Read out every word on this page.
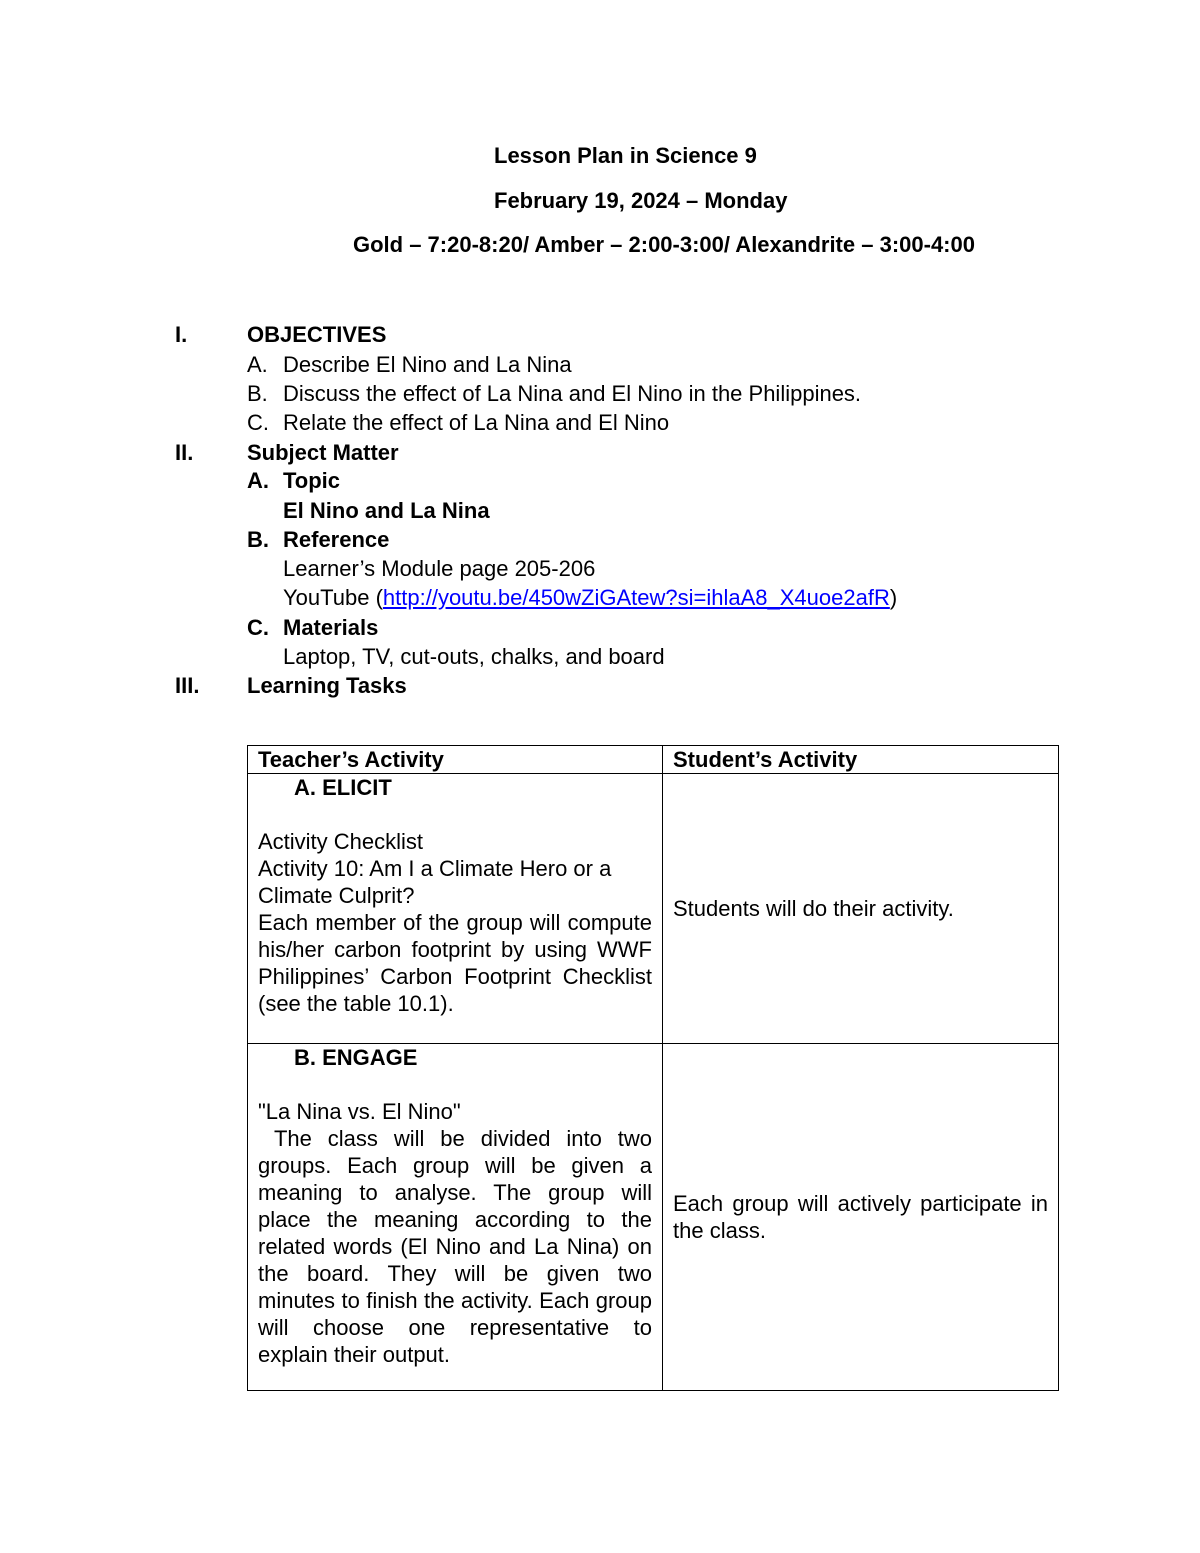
Lesson Plan in Science 9
February 19, 2024 – Monday
Gold – 7:20-8:20/ Amber – 2:00-3:00/ Alexandrite – 3:00-4:00
I.	OBJECTIVES
A. Describe El Nino and La Nina
B. Discuss the effect of La Nina and El Nino in the Philippines.
C. Relate the effect of La Nina and El Nino
II. Subject Matter
A. Topic
El Nino and La Nina
B. Reference
Learner’s Module page 205-206
YouTube (http://youtu.be/450wZiGAtew?si=ihlaA8_X4uoe2afR)
C. Materials
Laptop, TV, cut-outs, chalks, and board
III. Learning Tasks
Teacher’s Activity	Student’s Activity

A. ELICIT
Activity Checklist
Activity 10: Am I a Climate Hero or a Climate Culprit?
Each member of the group will compute his/her carbon footprint by using WWF Philippines’ Carbon Footprint Checklist (see the table 10.1).	Students will do their activity.

B. ENGAGE
"La Nina vs. El Nino"
The class will be divided into two groups. Each group will be given a meaning to analyse. The group will place the meaning according to the related words (El Nino and La Nina) on the board. They will be given two minutes to finish the activity. Each group will choose one representative to explain their output.	Each group will actively participate in the class.
